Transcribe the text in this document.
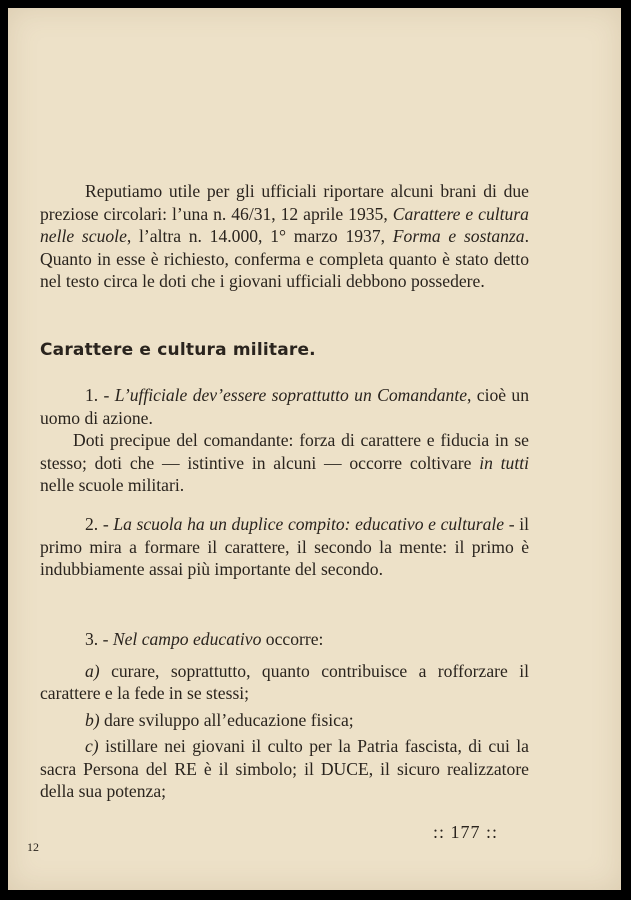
Reputiamo utile per gli ufficiali riportare alcuni brani di due preziose circolari: l’una n. 46/31, 12 aprile 1935, Carattere e cultura nelle scuole, l’altra n. 14.000, 1° marzo 1937, Forma e sostanza. Quanto in esse è richiesto, conferma e completa quanto è stato detto nel testo circa le doti che i giovani ufficiali debbono possedere.

Carattere e cultura militare.

1. - L’ufficiale dev’essere soprattutto un Comandante, cioè un uomo di azione.

Doti precipue del comandante: forza di carattere e fiducia in se stesso; doti che — istintive in alcuni — occorre coltivare in tutti nelle scuole militari.

2. - La scuola ha un duplice compito: educativo e culturale - il primo mira a formare il carattere, il secondo la mente: il primo è indubbiamente assai più importante del secondo.

3. - Nel campo educativo occorre:

a) curare, soprattutto, quanto contribuisce a rofforzare il carattere e la fede in se stessi;

b) dare sviluppo all’educazione fisica;

c) istillare nei giovani il culto per la Patria fascista, di cui la sacra Persona del RE è il simbolo; il DUCE, il sicuro realizzatore della sua potenza;

12
:: 177 ::
